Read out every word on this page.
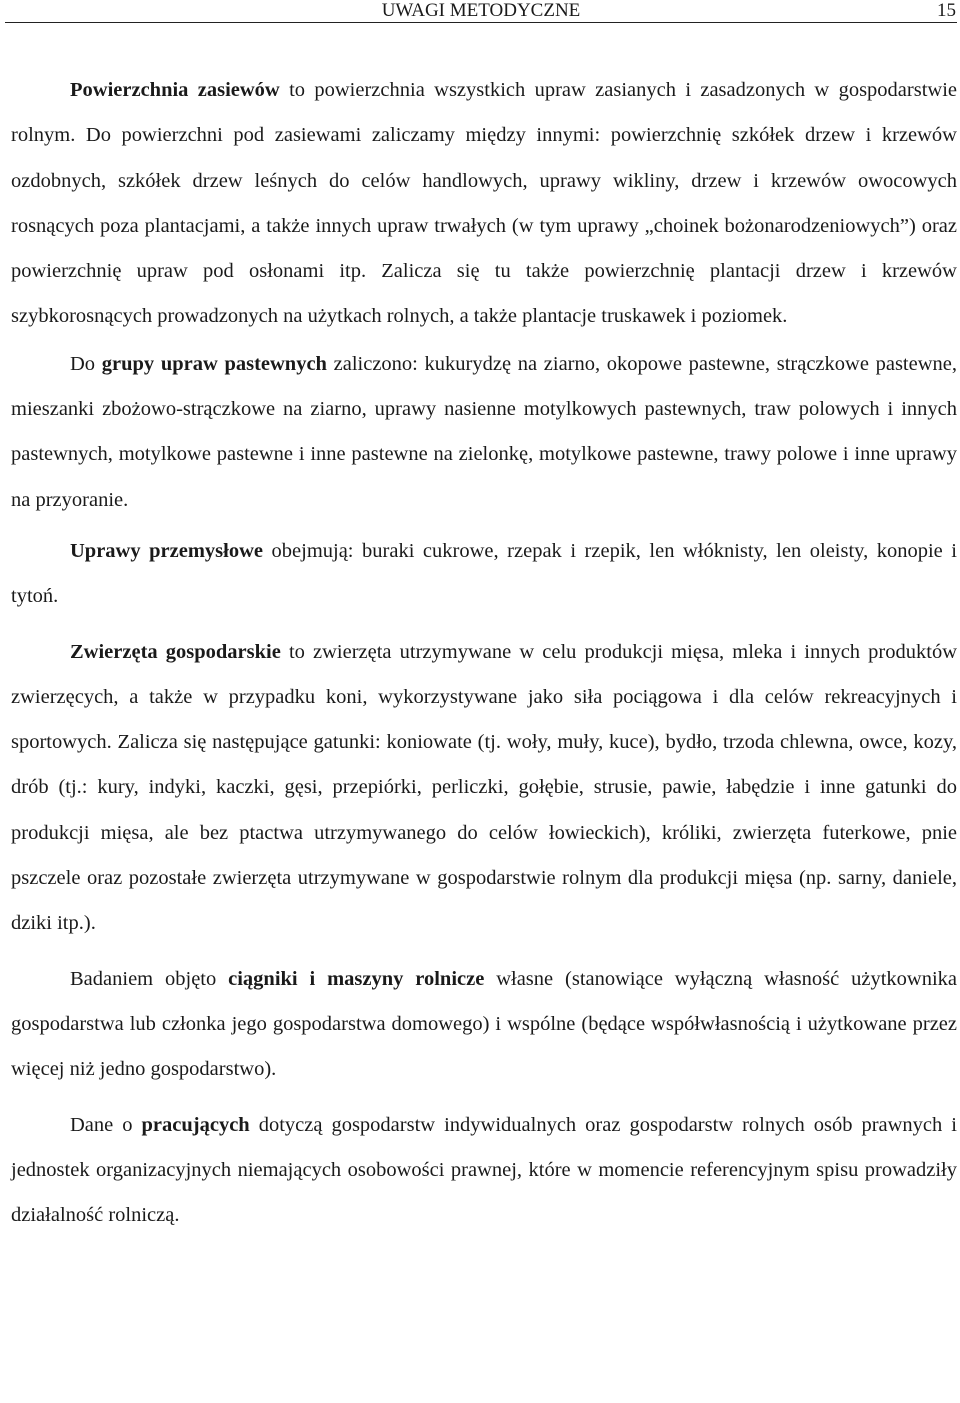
UWAGI METODYCZNE	15

Powierzchnia zasiewów to powierzchnia wszystkich upraw zasianych i zasadzonych w gospodarstwie rolnym. Do powierzchni pod zasiewami zaliczamy między innymi: powierzchnię szkółek drzew i krzewów ozdobnych, szkółek drzew leśnych do celów handlowych, uprawy wikliny, drzew i krzewów owocowych rosnących poza plantacjami, a także innych upraw trwałych (w tym uprawy „choinek bożonarodzeniowych”) oraz powierzchnię upraw pod osłonami itp. Zalicza się tu także powierzchnię plantacji drzew i krzewów szybkorosnących prowadzonych na użytkach rolnych, a także plantacje truskawek i poziomek.

Do grupy upraw pastewnych zaliczono: kukurydzę na ziarno, okopowe pastewne, strączkowe pastewne, mieszanki zbożowo-strączkowe na ziarno, uprawy nasienne motylkowych pastewnych, traw polowych i innych pastewnych, motylkowe pastewne i inne pastewne na zielonkę, motylkowe pastewne, trawy polowe i inne uprawy na przyoranie.

Uprawy przemysłowe obejmują: buraki cukrowe, rzepak i rzepik, len włóknisty, len oleisty, konopie i tytoń.

Zwierzęta gospodarskie to zwierzęta utrzymywane w celu produkcji mięsa, mleka i innych produktów zwierzęcych, a także w przypadku koni, wykorzystywane jako siła pociągowa i dla celów rekreacyjnych i sportowych. Zalicza się następujące gatunki: koniowate (tj. woły, muły, kuce), bydło, trzoda chlewna, owce, kozy, drób (tj.: kury, indyki, kaczki, gęsi, przepiórki, perliczki, gołębie, strusie, pawie, łabędzie i inne gatunki do produkcji mięsa, ale bez ptactwa utrzymywanego do celów łowieckich), króliki, zwierzęta futerkowe, pnie pszczele oraz pozostałe zwierzęta utrzymywane w gospodarstwie rolnym dla produkcji mięsa (np. sarny, daniele, dziki itp.).

Badaniem objęto ciągniki i maszyny rolnicze własne (stanowiące wyłączną własność użytkownika gospodarstwa lub członka jego gospodarstwa domowego) i wspólne (będące współwłasnością i użytkowane przez więcej niż jedno gospodarstwo).

Dane o pracujących dotyczą gospodarstw indywidualnych oraz gospodarstw rolnych osób prawnych i jednostek organizacyjnych niemających osobowości prawnej, które w momencie referencyjnym spisu prowadziły działalność rolniczą.
